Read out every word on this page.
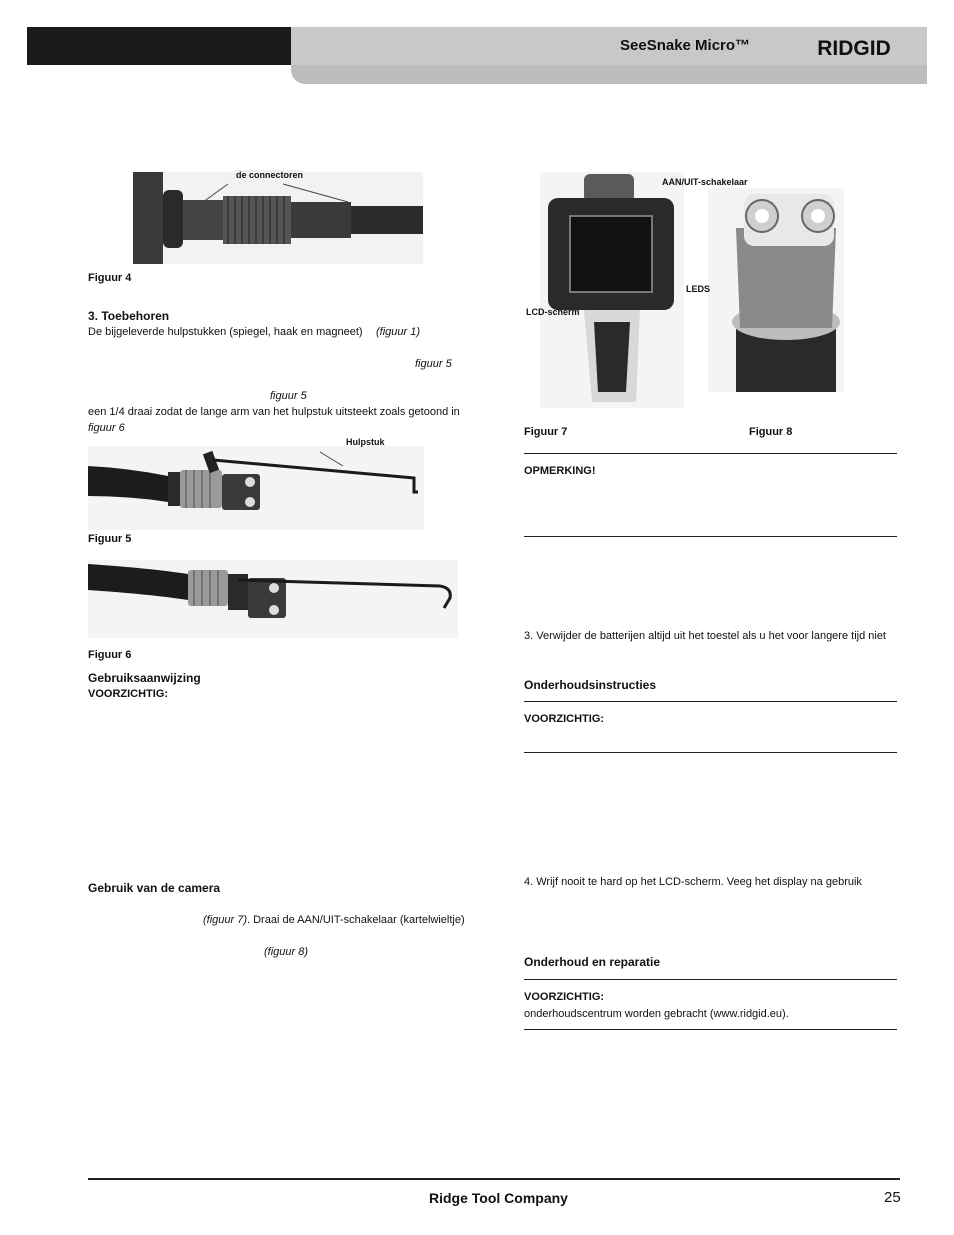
SeeSnake Micro™	RIDGID
de connectoren
Figuur 4
3. Toebehoren
De bijgeleverde hulpstukken (spiegel, haak en magneet)	(figuur 1)
figuur 5
figuur 5
een 1/4 draai zodat de lange arm van het hulpstuk uitsteekt zoals getoond in
figuur 6
Hulpstuk
Figuur 5
Figuur 6
Gebruiksaanwijzing
VOORZICHTIG:
Gebruik van de camera
(figuur 7) . Draai de AAN/UIT-schakelaar (kartelwieltje)
(figuur 8)
AAN/UIT-schakelaar
LEDS
LCD-scherm
Figuur 7	Figuur 8
OPMERKING!
3. Verwijder de batterijen altijd uit het toestel als u het voor langere tijd niet
Onderhoudsinstructies
VOORZICHTIG:
4. Wrijf nooit te hard op het LCD-scherm. Veeg het display na gebruik
Onderhoud en reparatie
VOORZICHTIG:
onderhoudscentrum worden gebracht (www.ridgid.eu).
Ridge Tool Company	25
